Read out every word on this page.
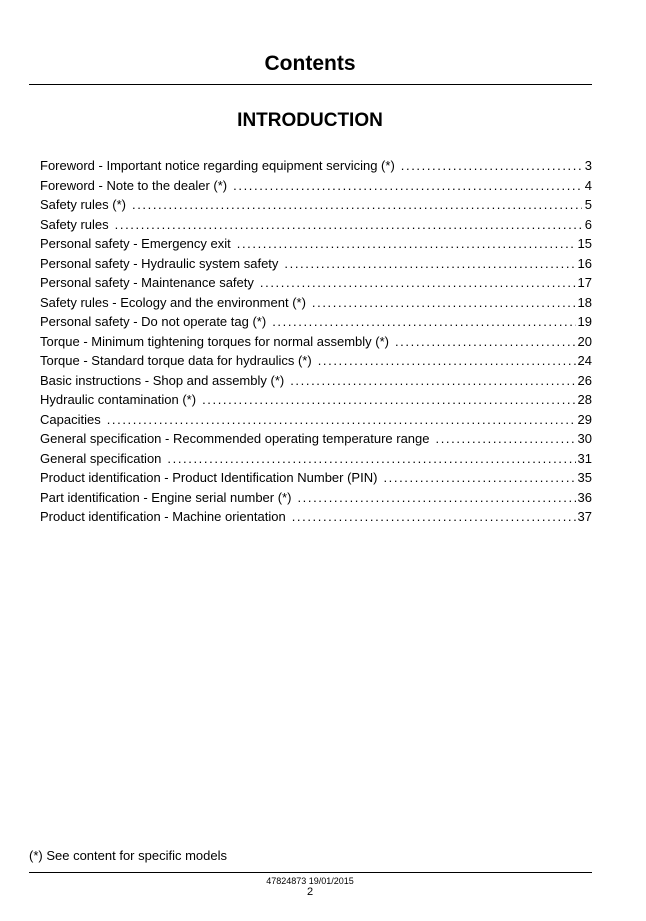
Contents
INTRODUCTION
Foreword - Important notice regarding equipment servicing (*) .....	3
Foreword - Note to the dealer (*) .....	4
Safety rules (*) .....	5
Safety rules .....	6
Personal safety - Emergency exit .....	15
Personal safety - Hydraulic system safety .....	16
Personal safety - Maintenance safety .....	17
Safety rules - Ecology and the environment (*) .....	18
Personal safety - Do not operate tag (*) .....	19
Torque - Minimum tightening torques for normal assembly (*) .....	20
Torque - Standard torque data for hydraulics (*) .....	24
Basic instructions - Shop and assembly (*) .....	26
Hydraulic contamination (*) .....	28
Capacities .....	29
General specification - Recommended operating temperature range .....	30
General specification .....	31
Product identification - Product Identification Number (PIN) .....	35
Part identification - Engine serial number (*) .....	36
Product identification - Machine orientation .....	37
(*) See content for specific models
47824873 19/01/2015
2
